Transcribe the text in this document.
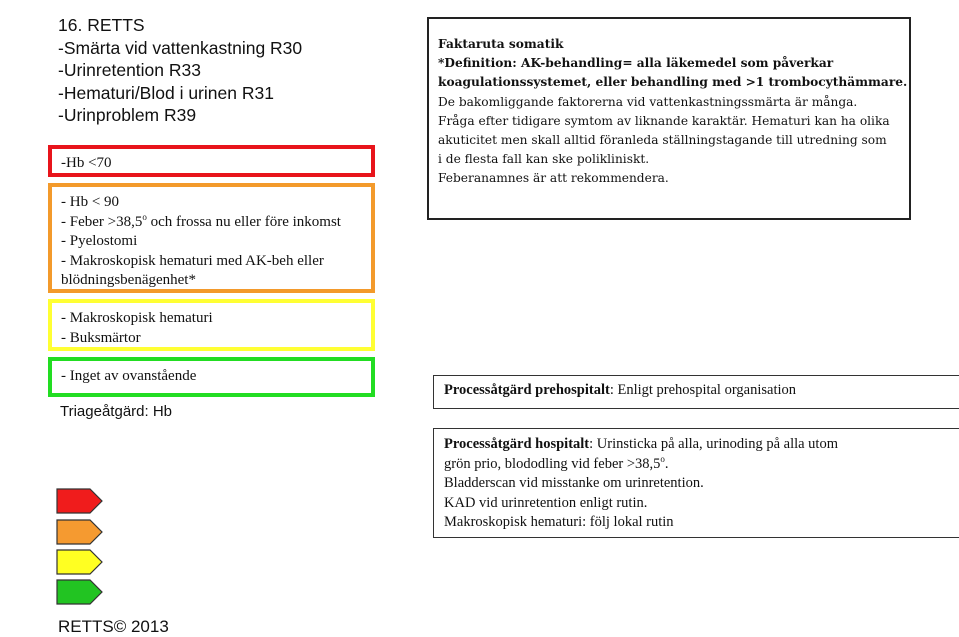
16. RETTS
-Smärta vid vattenkastning R30
-Urinretention R33
-Hematuri/Blod i urinen R31
-Urinproblem R39
-Hb <70
- Hb < 90
- Feber $>38,5^o$ och frossa nu eller före inkomst
- Pyelostomi
- Makroskopisk hematuri med AK-beh eller
blödningsbenägenhet*
- Makroskopisk hematuri
- Buksmärtor
- Inget av ovanstående
Triageåtgärd: Hb
RETTS© 2013
Faktaruta somatik
*Definition: AK-behandling= alla läkemedel som påverkar
koagulationssystemet, eller behandling med >1 trombocythämmare.
De bakomliggande faktorerna vid vattenkastningssmärta är många.
Fråga efter tidigare symtom av liknande karaktär. Hematuri kan ha olika
akuticitet men skall alltid föranleda ställningstagande till utredning som
i de flesta fall kan ske polikliniskt.
Feberanamnes är att rekommendera.
Processåtgärd prehospitalt: Enligt prehospital organisation
Processåtgärd hospitalt: Urinsticka på alla, urinoding på alla utom
grön prio, blododling vid feber $>38,5^o$.
Bladderscan vid misstanke om urinretention.
KAD vid urinretention enligt rutin.
Makroskopisk hematuri: följ lokal rutin
